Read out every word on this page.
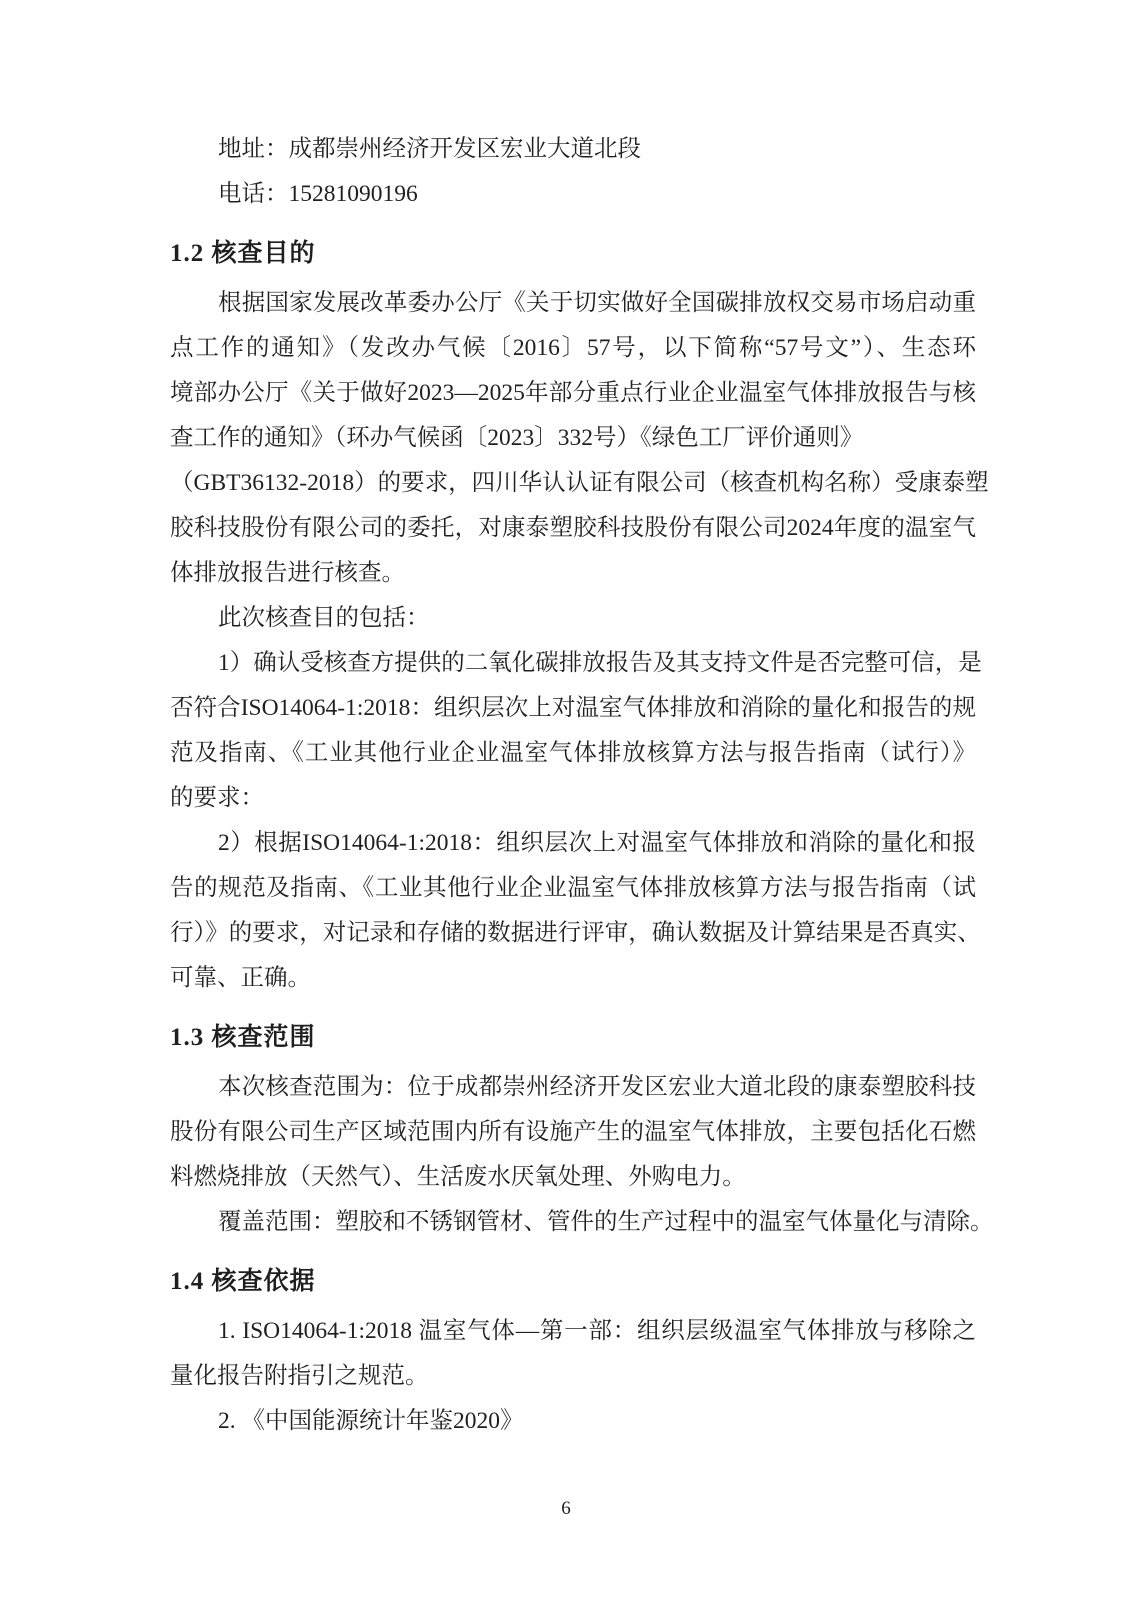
地址：成都崇州经济开发区宏业大道北段
电话：15281090196
1.2 核查目的
根据国家发展改革委办公厅《关于切实做好全国碳排放权交易市场启动重
点工作的通知》（发改办气候〔2016〕57号，以下简称“57号文”）、生态环
境部办公厅《关于做好2023—2025年部分重点行业企业温室气体排放报告与核
查工作的通知》（环办气候函〔2023〕332号）《绿色工厂评价通则》
（GBT36132-2018）的要求，四川华认认证有限公司（核查机构名称）受康泰塑
胶科技股份有限公司的委托，对康泰塑胶科技股份有限公司2024年度的温室气
体排放报告进行核查。
此次核查目的包括：
1）确认受核查方提供的二氧化碳排放报告及其支持文件是否完整可信，是
否符合ISO14064-1:2018：组织层次上对温室气体排放和消除的量化和报告的规
范及指南、《工业其他行业企业温室气体排放核算方法与报告指南（试行）》
的要求：
2）根据ISO14064-1:2018：组织层次上对温室气体排放和消除的量化和报
告的规范及指南、《工业其他行业企业温室气体排放核算方法与报告指南（试
行）》的要求，对记录和存储的数据进行评审，确认数据及计算结果是否真实、
可靠、正确。
1.3 核查范围
本次核查范围为：位于成都崇州经济开发区宏业大道北段的康泰塑胶科技
股份有限公司生产区域范围内所有设施产生的温室气体排放，主要包括化石燃
料燃烧排放（天然气）、生活废水厌氧处理、外购电力。
覆盖范围：塑胶和不锈钢管材、管件的生产过程中的温室气体量化与清除。
1.4 核查依据
1. ISO14064-1:2018 温室气体—第一部：组织层级温室气体排放与移除之
量化报告附指引之规范。
2. 《中国能源统计年鉴2020》
6
